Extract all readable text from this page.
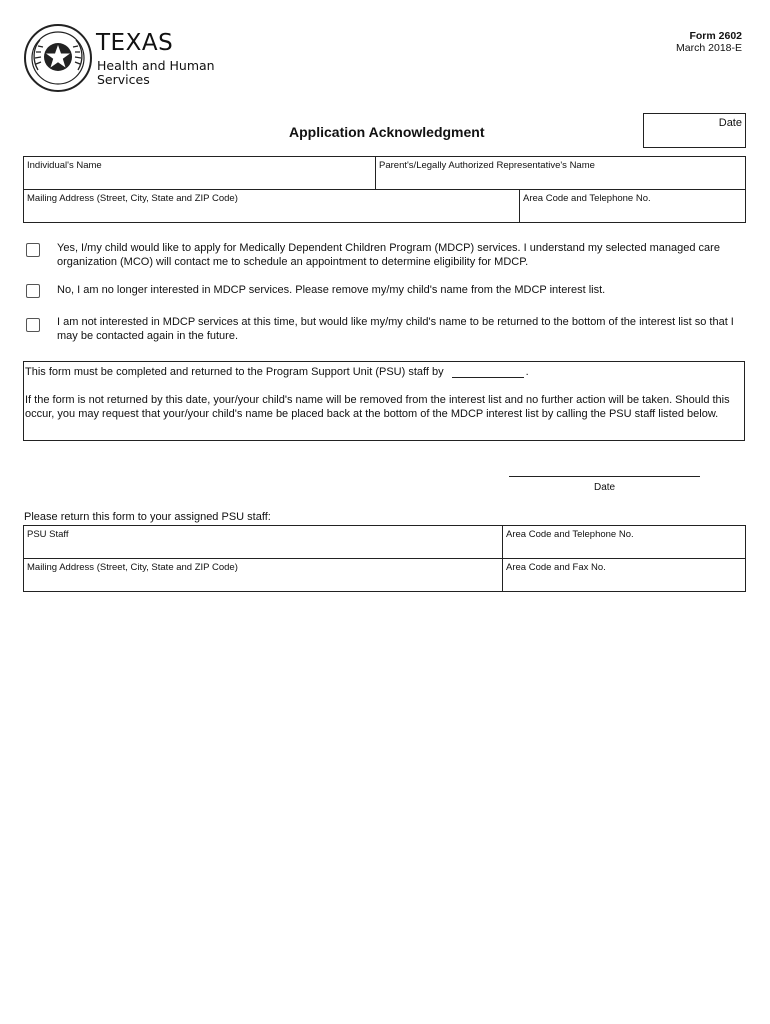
TEXAS
Health and Human
Services
Form 2602
March 2018-E
Application Acknowledgment
Date
Individual's Name	Parent's/Legally Authorized Representative's Name	

Mailing Address (Street, City, State and ZIP Code)		Area Code and Telephone No.
Yes, I/my child would like to apply for Medically Dependent Children Program (MDCP) services. I understand my selected managed care organization (MCO) will contact me to schedule an appointment to determine eligibility for MDCP.
No, I am no longer interested in MDCP services. Please remove my/my child's name from the MDCP interest list.
I am not interested in MDCP services at this time, but would like my/my child's name to be returned to the bottom of the interest list so that I may be contacted again in the future.
This form must be completed and returned to the Program Support Unit (PSU) staff by	.
If the form is not returned by this date, your/your child's name will be removed from the interest list and no further action will be taken. Should this occur, you may request that your/your child's name be placed back at the bottom of the MDCP interest list by calling the PSU staff listed below.
Date
Please return this form to your assigned PSU staff:
PSU Staff	Area Code and Telephone No.

Mailing Address (Street, City, State and ZIP Code)	Area Code and Fax No.
